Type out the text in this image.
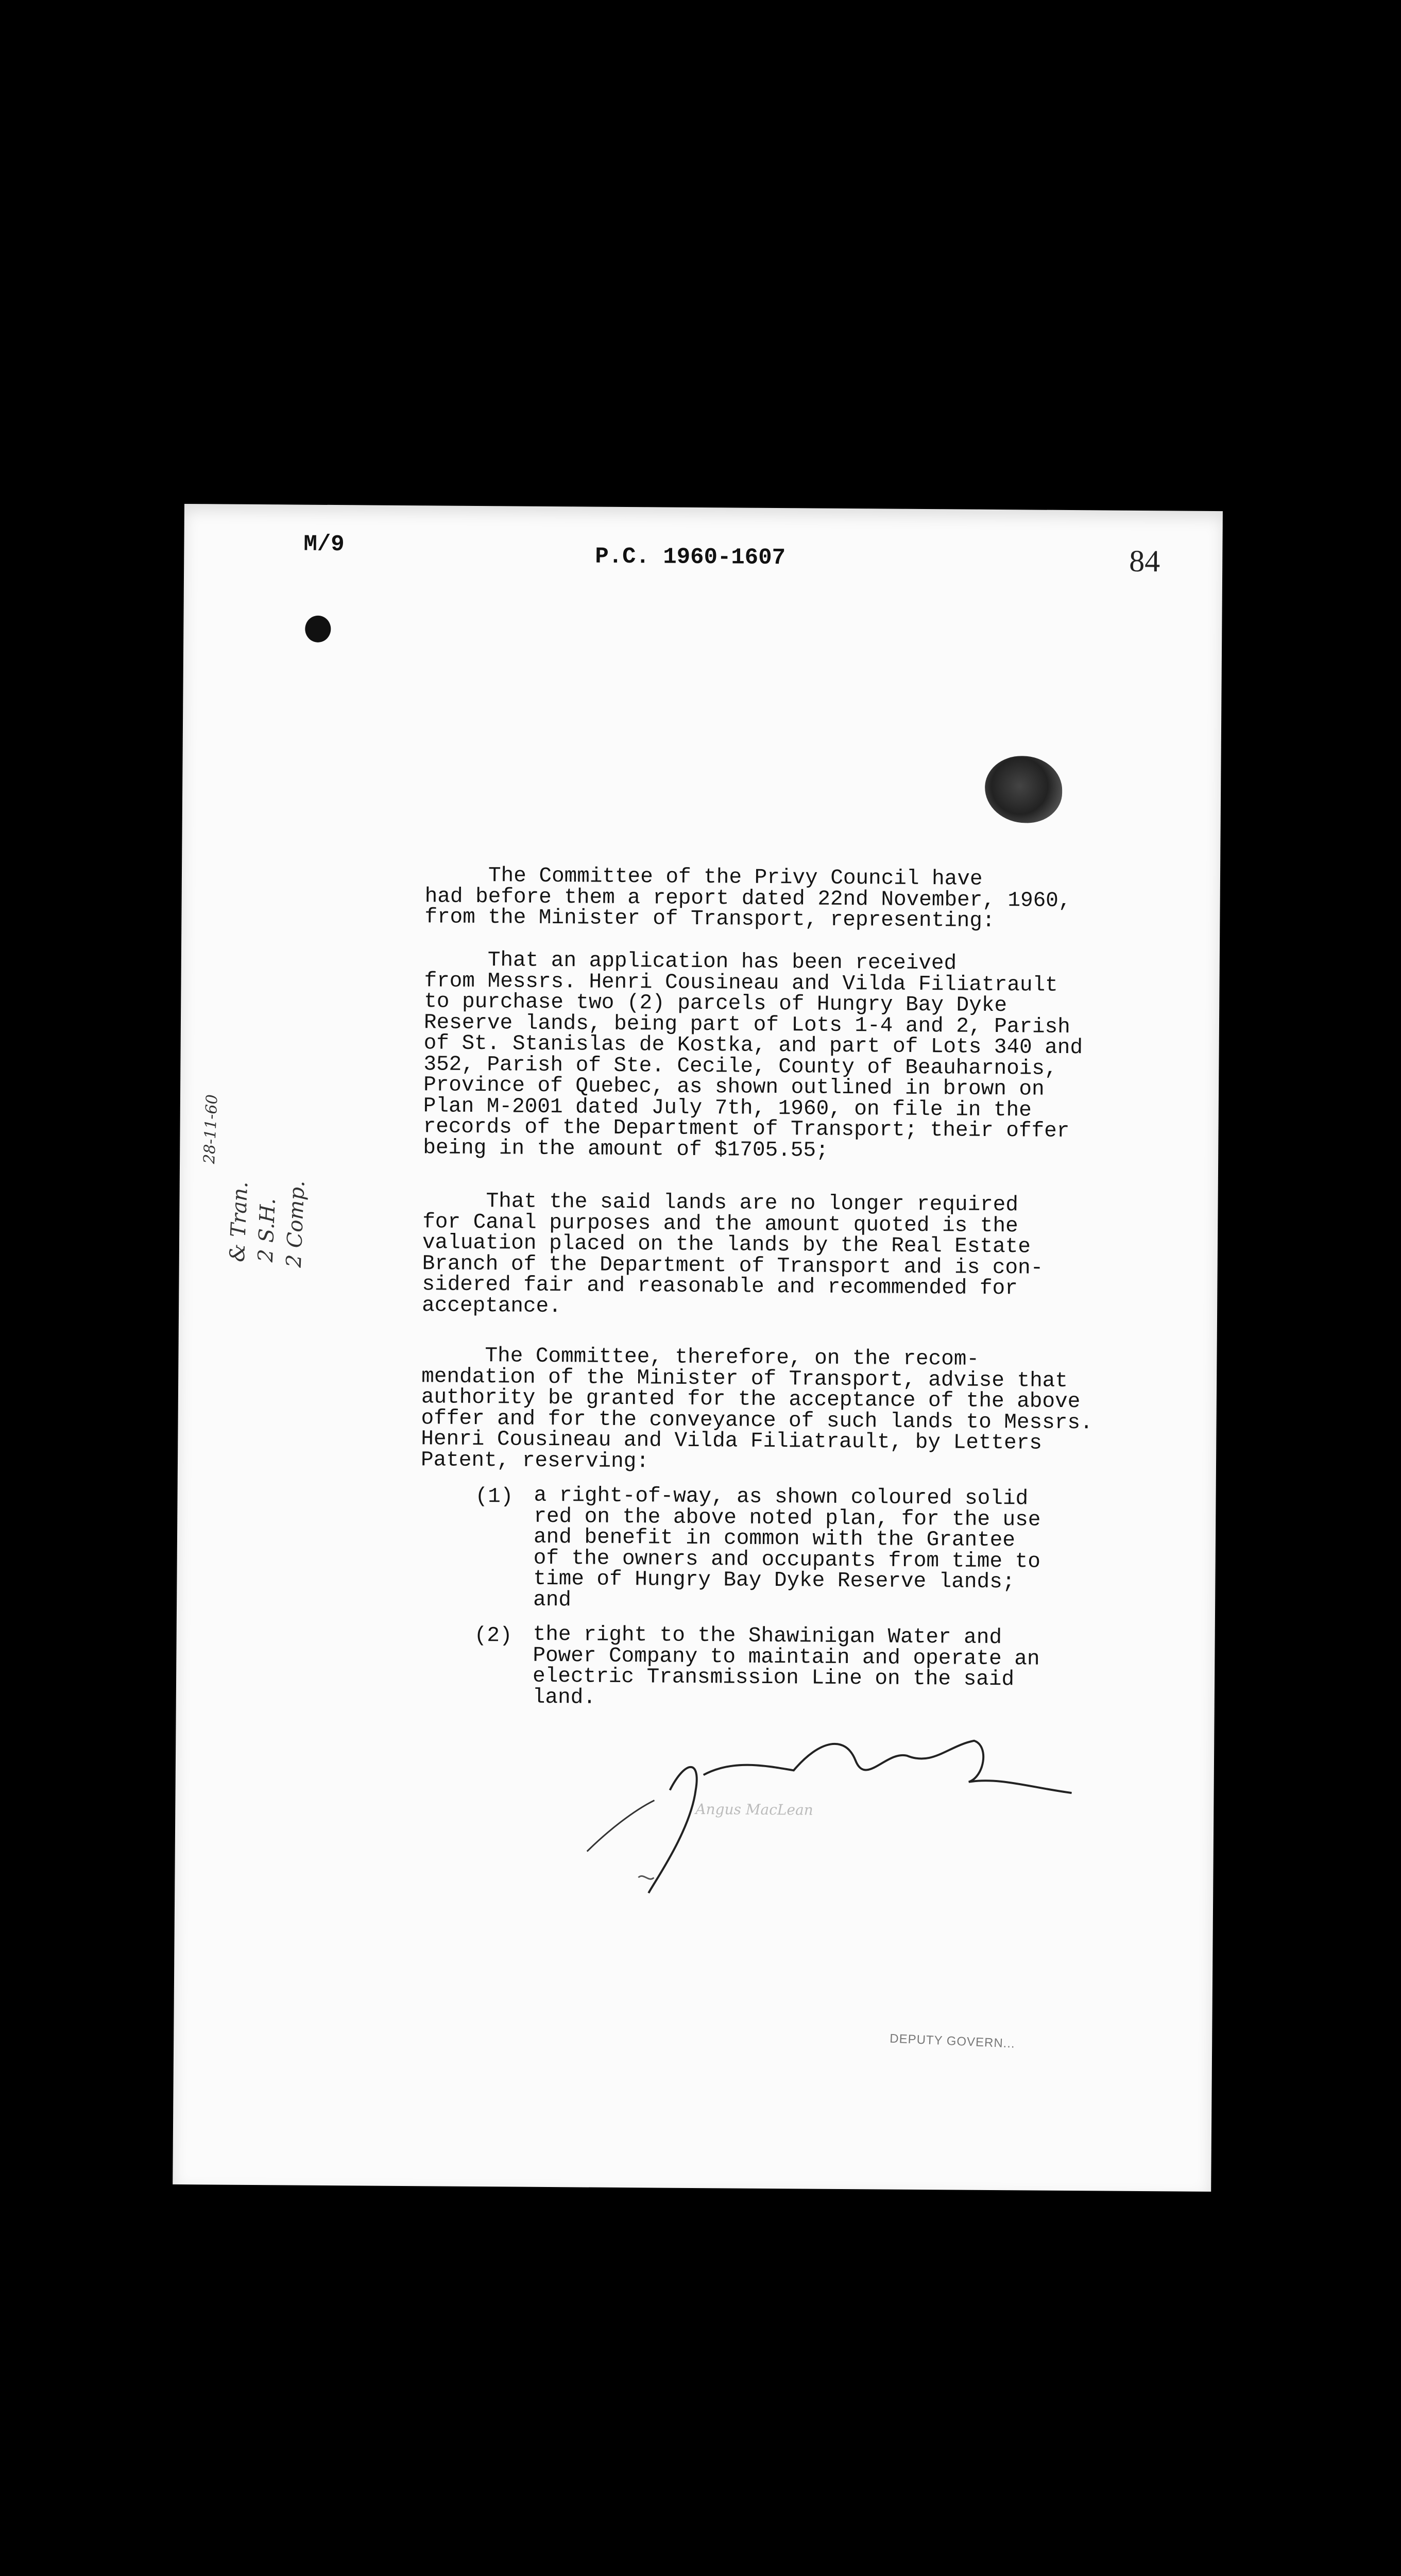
M/9	P.C. 1960-1607	84

The Committee of the Privy Council have

had before them a report dated 22nd November, 1960,

from the Minister of Transport, representing:

That an application has been received

from Messrs. Henri Cousineau and Vilda Filiatrault

to purchase two (2) parcels of Hungry Bay Dyke

Reserve lands, being part of Lots 1-4 and 2, Parish

of St. Stanislas de Kostka, and part of Lots 340 and

352, Parish of Ste. Cecile, County of Beauharnois,

Province of Quebec, as shown outlined in brown on

Plan M-2001 dated July 7th, 1960, on file in the

records of the Department of Transport; their offer

being in the amount of $1705.55;

That the said lands are no longer required

for Canal purposes and the amount quoted is the

valuation placed on the lands by the Real Estate

Branch of the Department of Transport and is con-

sidered fair and reasonable and recommended for

acceptance.

The Committee, therefore, on the recom-

mendation of the Minister of Transport, advise that

authority be granted for the acceptance of the above

offer and for the conveyance of such lands to Messrs.

Henri Cousineau and Vilda Filiatrault, by Letters

Patent, reserving:

(1) a right-of-way, as shown coloured solid

red on the above noted plan, for the use

and benefit in common with the Grantee

of the owners and occupants from time to

time of Hungry Bay Dyke Reserve lands;

and

(2) the right to the Shawinigan Water and

Power Company to maintain and operate an

electric Transmission Line on the said

land.

28-11-60
& Tran. 2 S.H. 2 Comp.
Angus MacLean
DEPUTY GOVERN...
